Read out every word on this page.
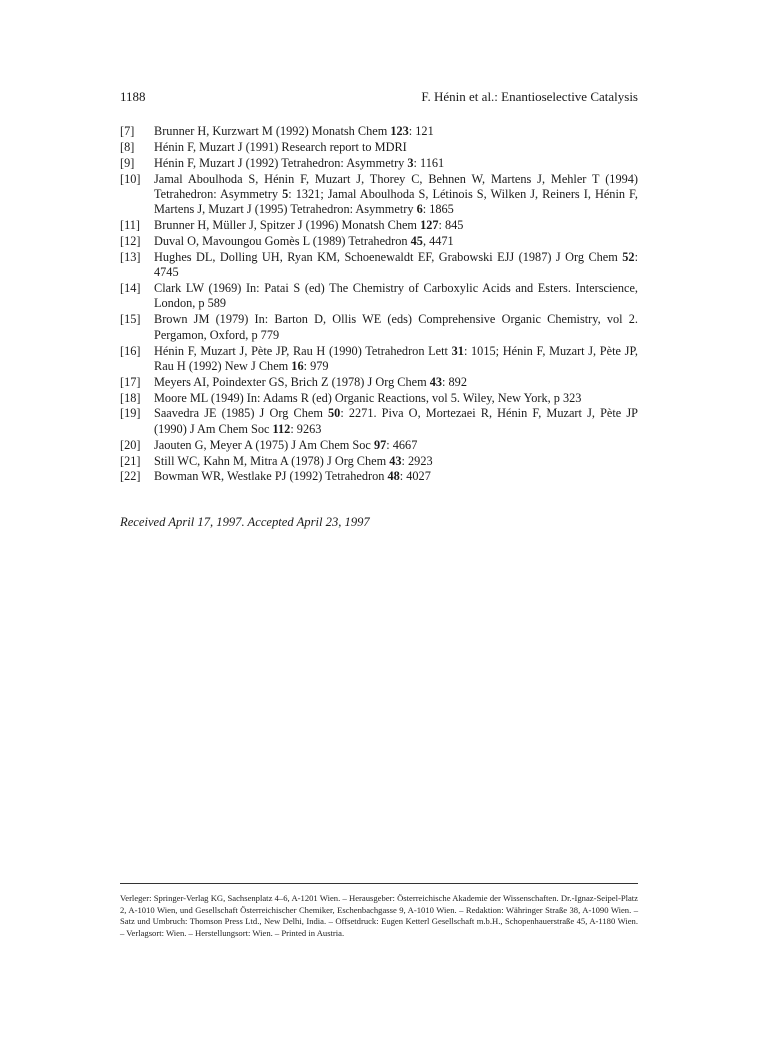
1188	F. Hénin et al.: Enantioselective Catalysis
[7]	Brunner H, Kurzwart M (1992) Monatsh Chem 123: 121
[8]	Hénin F, Muzart J (1991) Research report to MDRI
[9]	Hénin F, Muzart J (1992) Tetrahedron: Asymmetry 3: 1161
[10]	Jamal Aboulhoda S, Hénin F, Muzart J, Thorey C, Behnen W, Martens J, Mehler T (1994) Tetrahedron: Asymmetry 5: 1321; Jamal Aboulhoda S, Létinois S, Wilken J, Reiners I, Hénin F, Martens J, Muzart J (1995) Tetrahedron: Asymmetry 6: 1865
[11]	Brunner H, Müller J, Spitzer J (1996) Monatsh Chem 127: 845
[12]	Duval O, Mavoungou Gomès L (1989) Tetrahedron 45, 4471
[13]	Hughes DL, Dolling UH, Ryan KM, Schoenewaldt EF, Grabowski EJJ (1987) J Org Chem 52: 4745
[14]	Clark LW (1969) In: Patai S (ed) The Chemistry of Carboxylic Acids and Esters. Interscience, London, p 589
[15]	Brown JM (1979) In: Barton D, Ollis WE (eds) Comprehensive Organic Chemistry, vol 2. Pergamon, Oxford, p 779
[16]	Hénin F, Muzart J, Pète JP, Rau H (1990) Tetrahedron Lett 31: 1015; Hénin F, Muzart J, Pète JP, Rau H (1992) New J Chem 16: 979
[17]	Meyers AI, Poindexter GS, Brich Z (1978) J Org Chem 43: 892
[18]	Moore ML (1949) In: Adams R (ed) Organic Reactions, vol 5. Wiley, New York, p 323
[19]	Saavedra JE (1985) J Org Chem 50: 2271. Piva O, Mortezaei R, Hénin F, Muzart J, Pète JP (1990) J Am Chem Soc 112: 9263
[20]	Jaouten G, Meyer A (1975) J Am Chem Soc 97: 4667
[21]	Still WC, Kahn M, Mitra A (1978) J Org Chem 43: 2923
[22]	Bowman WR, Westlake PJ (1992) Tetrahedron 48: 4027
Received April 17, 1997. Accepted April 23, 1997
Verleger: Springer-Verlag KG, Sachsenplatz 4–6, A-1201 Wien. – Herausgeber: Österreichische Akademie der Wissenschaften. Dr.-Ignaz-Seipel-Platz 2, A-1010 Wien, und Gesellschaft Österreichischer Chemiker, Eschenbachgasse 9, A-1010 Wien. – Redaktion: Währinger Straße 38, A-1090 Wien. – Satz und Umbruch: Thomson Press Ltd., New Delhi, India. – Offsetdruck: Eugen Ketterl Gesellschaft m.b.H., Schopenhauerstraße 45, A-1180 Wien. – Verlagsort: Wien. – Herstellungsort: Wien. – Printed in Austria.
